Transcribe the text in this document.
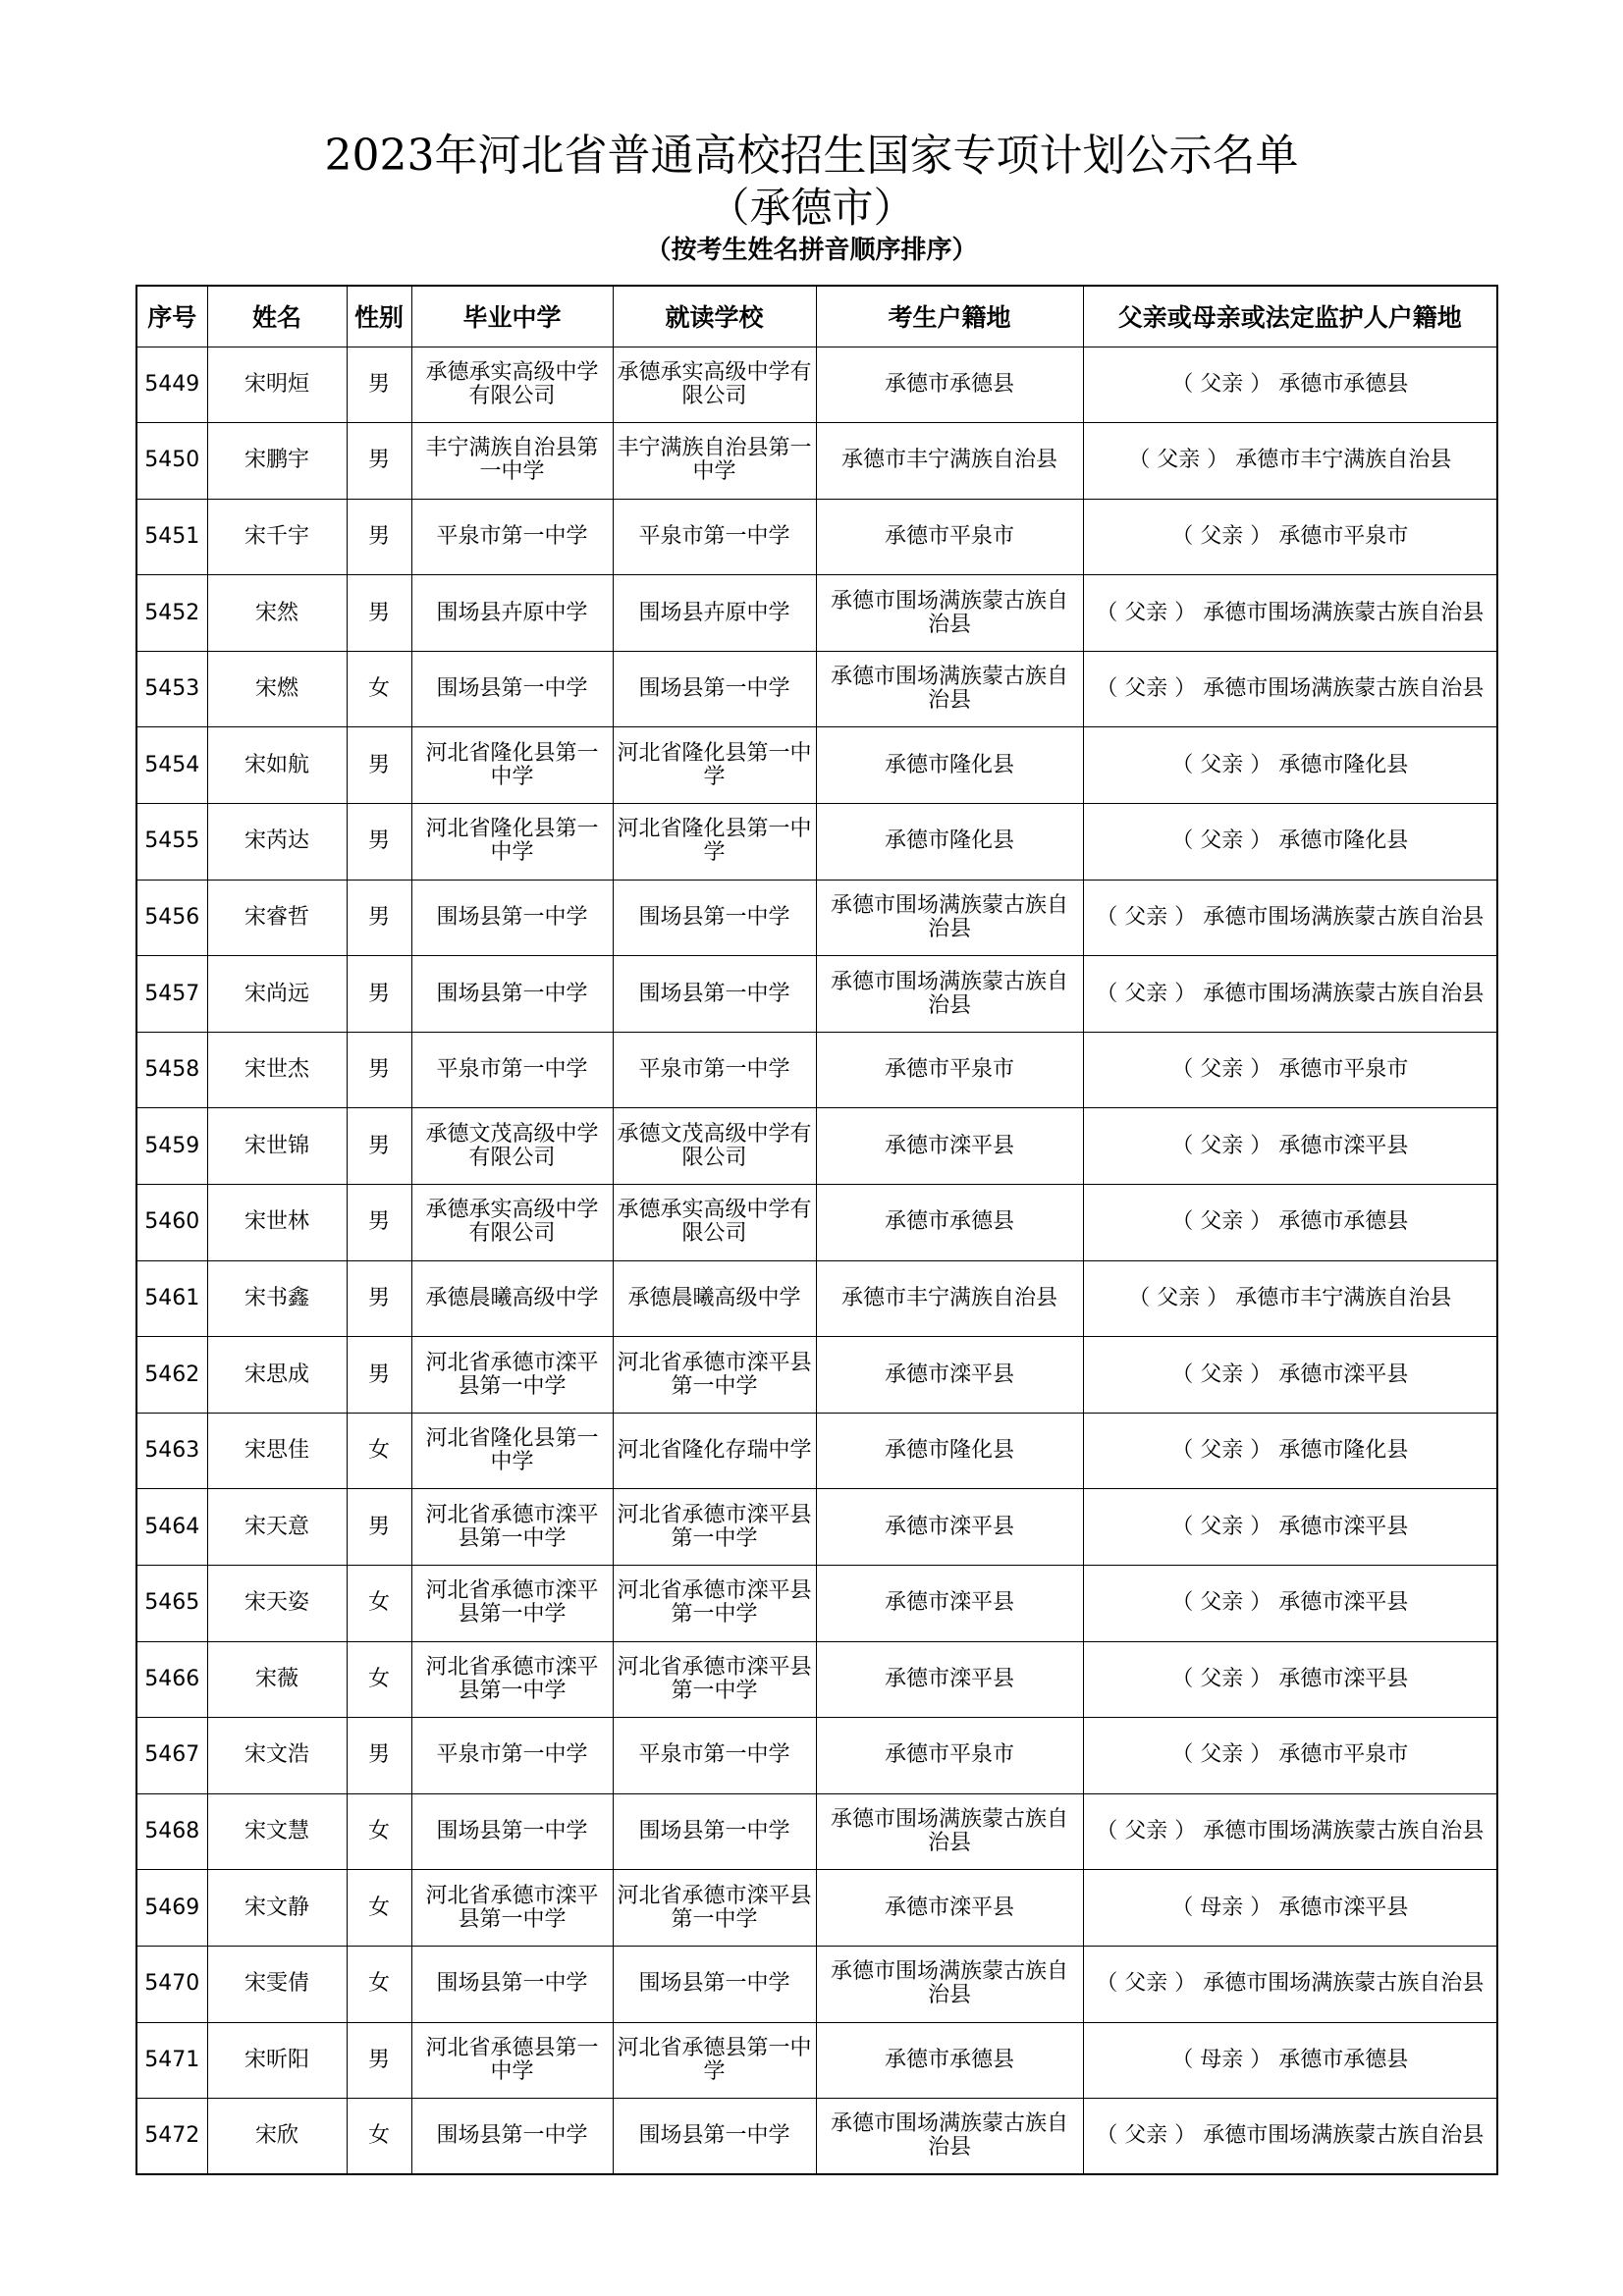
2023年河北省普通高校招生国家专项计划公示名单
（承德市）
（按考生姓名拼音顺序排序）
序号	姓名	性别	毕业中学	就读学校	考生户籍地	父亲或母亲或法定监护人户籍地
5449	宋明烜	男	承德承实高级中学有限公司	承德承实高级中学有限公司	承德市承德县	（ 父亲 ） 承德市承德县
5450	宋鹏宇	男	丰宁满族自治县第一中学	丰宁满族自治县第一中学	承德市丰宁满族自治县	（ 父亲 ） 承德市丰宁满族自治县
5451	宋千宇	男	平泉市第一中学	平泉市第一中学	承德市平泉市	（ 父亲 ） 承德市平泉市
5452	宋然	男	围场县卉原中学	围场县卉原中学	承德市围场满族蒙古族自治县	（ 父亲 ） 承德市围场满族蒙古族自治县
5453	宋燃	女	围场县第一中学	围场县第一中学	承德市围场满族蒙古族自治县	（ 父亲 ） 承德市围场满族蒙古族自治县
5454	宋如航	男	河北省隆化县第一中学	河北省隆化县第一中学	承德市隆化县	（ 父亲 ） 承德市隆化县
5455	宋芮达	男	河北省隆化县第一中学	河北省隆化县第一中学	承德市隆化县	（ 父亲 ） 承德市隆化县
5456	宋睿哲	男	围场县第一中学	围场县第一中学	承德市围场满族蒙古族自治县	（ 父亲 ） 承德市围场满族蒙古族自治县
5457	宋尚远	男	围场县第一中学	围场县第一中学	承德市围场满族蒙古族自治县	（ 父亲 ） 承德市围场满族蒙古族自治县
5458	宋世杰	男	平泉市第一中学	平泉市第一中学	承德市平泉市	（ 父亲 ） 承德市平泉市
5459	宋世锦	男	承德文茂高级中学有限公司	承德文茂高级中学有限公司	承德市滦平县	（ 父亲 ） 承德市滦平县
5460	宋世林	男	承德承实高级中学有限公司	承德承实高级中学有限公司	承德市承德县	（ 父亲 ） 承德市承德县
5461	宋书鑫	男	承德晨曦高级中学	承德晨曦高级中学	承德市丰宁满族自治县	（ 父亲 ） 承德市丰宁满族自治县
5462	宋思成	男	河北省承德市滦平县第一中学	河北省承德市滦平县第一中学	承德市滦平县	（ 父亲 ） 承德市滦平县
5463	宋思佳	女	河北省隆化县第一中学	河北省隆化存瑞中学	承德市隆化县	（ 父亲 ） 承德市隆化县
5464	宋天意	男	河北省承德市滦平县第一中学	河北省承德市滦平县第一中学	承德市滦平县	（ 父亲 ） 承德市滦平县
5465	宋天姿	女	河北省承德市滦平县第一中学	河北省承德市滦平县第一中学	承德市滦平县	（ 父亲 ） 承德市滦平县
5466	宋薇	女	河北省承德市滦平县第一中学	河北省承德市滦平县第一中学	承德市滦平县	（ 父亲 ） 承德市滦平县
5467	宋文浩	男	平泉市第一中学	平泉市第一中学	承德市平泉市	（ 父亲 ） 承德市平泉市
5468	宋文慧	女	围场县第一中学	围场县第一中学	承德市围场满族蒙古族自治县	（ 父亲 ） 承德市围场满族蒙古族自治县
5469	宋文静	女	河北省承德市滦平县第一中学	河北省承德市滦平县第一中学	承德市滦平县	（ 母亲 ） 承德市滦平县
5470	宋雯倩	女	围场县第一中学	围场县第一中学	承德市围场满族蒙古族自治县	（ 父亲 ） 承德市围场满族蒙古族自治县
5471	宋昕阳	男	河北省承德县第一中学	河北省承德县第一中学	承德市承德县	（ 母亲 ） 承德市承德县
5472	宋欣	女	围场县第一中学	围场县第一中学	承德市围场满族蒙古族自治县	（ 父亲 ） 承德市围场满族蒙古族自治县
